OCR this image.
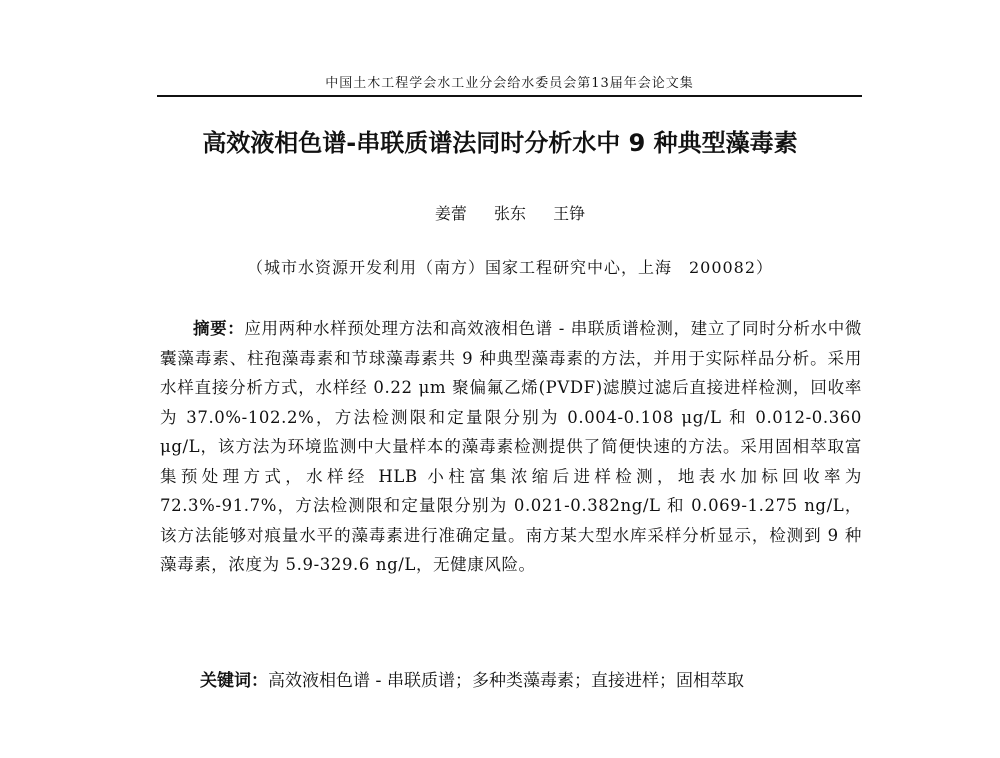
中国土木工程学会水工业分会给水委员会第13届年会论文集
高效液相色谱-串联质谱法同时分析水中 9 种典型藻毒素
姜蕾 张东 王铮
（城市水资源开发利用（南方）国家工程研究中心，上海　200082）

摘要：应用两种水样预处理方法和高效液相色谱 - 串联质谱检测，建立了同时分析水中微囊藻毒素、柱孢藻毒素和节球藻毒素共 9 种典型藻毒素的方法，并用于实际样品分析。采用水样直接分析方式，水样经 0.22 μm 聚偏氟乙烯(PVDF)滤膜过滤后直接进样检测，回收率为 37.0%-102.2%，方法检测限和定量限分别为 0.004-0.108 μg/L 和 0.012-0.360 μg/L，该方法为环境监测中大量样本的藻毒素检测提供了简便快速的方法。采用固相萃取富集预处理方式，水样经 HLB 小柱富集浓缩后进样检测，地表水加标回收率为 72.3%-91.7%，方法检测限和定量限分别为 0.021-0.382ng/L 和 0.069-1.275 ng/L，该方法能够对痕量水平的藻毒素进行准确定量。南方某大型水库采样分析显示，检测到 9 种藻毒素，浓度为 5.9-329.6 ng/L，无健康风险。

关键词：高效液相色谱 - 串联质谱；多种类藻毒素；直接进样；固相萃取
